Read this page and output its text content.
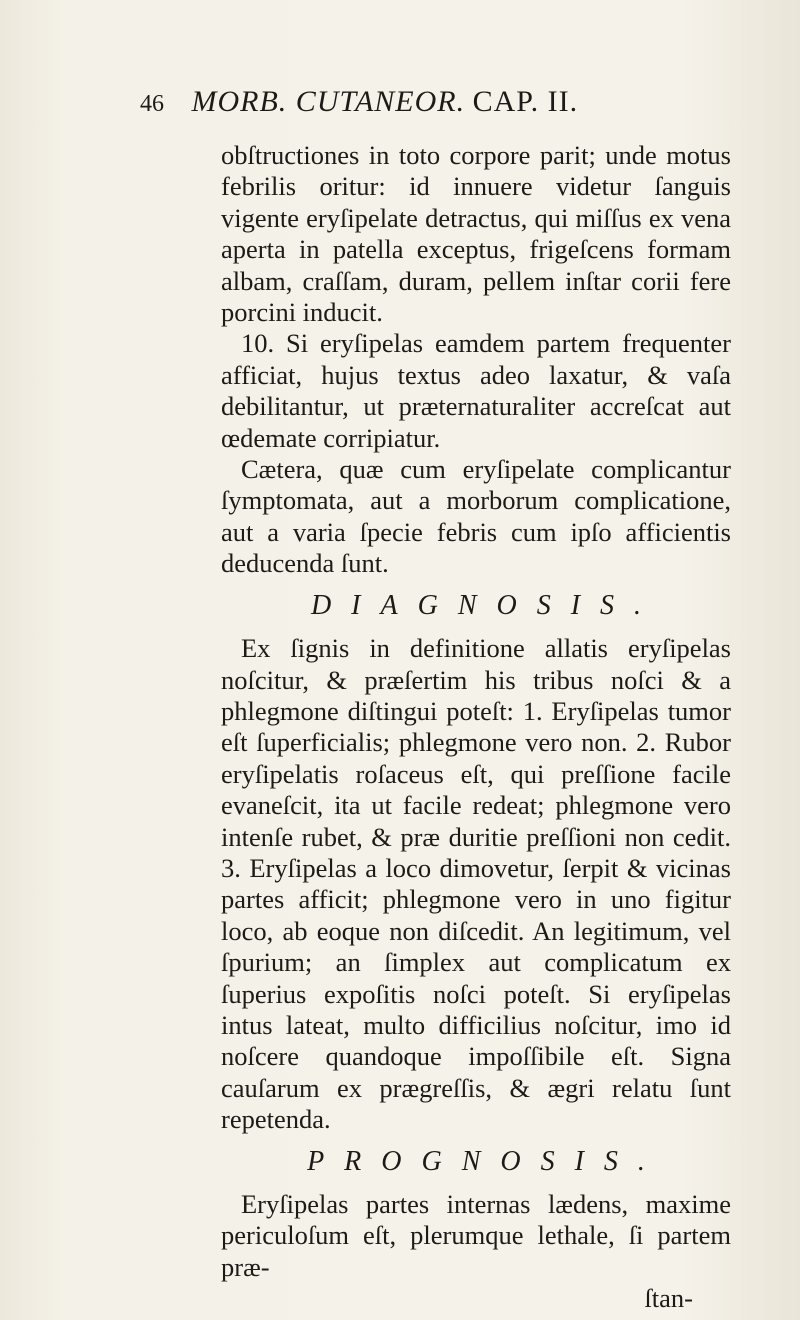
46 MORB. CUTANEOR. CAP. II.

obſtructiones in toto corpore parit; unde motus febrilis oritur: id innuere videtur ſanguis vigente eryſipelate detractus, qui miſſus ex vena aperta in patella exceptus, frigeſcens formam albam, craſſam, duram, pellem inſtar corii fere porcini inducit.

10. Si eryſipelas eamdem partem frequenter afficiat, hujus textus adeo laxatur, & vaſa debilitantur, ut præternaturaliter accreſcat aut œdemate corripiatur.

Cætera, quæ cum eryſipelate complicantur ſymptomata, aut a morborum complicatione, aut a varia ſpecie febris cum ipſo afficientis deducenda ſunt.

DIAGNOSIS.

Ex ſignis in definitione allatis eryſipelas noſcitur, & præſertim his tribus noſci & a phlegmone diſtingui poteſt: 1. Eryſipelas tumor eſt ſuperficialis; phlegmone vero non. 2. Rubor eryſipelatis roſaceus eſt, qui preſſione facile evaneſcit, ita ut facile redeat; phlegmone vero intenſe rubet, & præ duritie preſſioni non cedit. 3. Eryſipelas a loco dimovetur, ſerpit & vicinas partes afficit; phlegmone vero in uno figitur loco, ab eoque non diſcedit. An legitimum, vel ſpurium; an ſimplex aut complicatum ex ſuperius expoſitis noſci poteſt. Si eryſipelas intus lateat, multo difficilius noſcitur, imo id noſcere quandoque impoſſibile eſt. Signa cauſarum ex prægreſſis, & ægri relatu ſunt repetenda.

PROGNOSIS.

Eryſipelas partes internas lædens, maxime periculoſum eſt, plerumque lethale, ſi partem præ-

ſtan-
